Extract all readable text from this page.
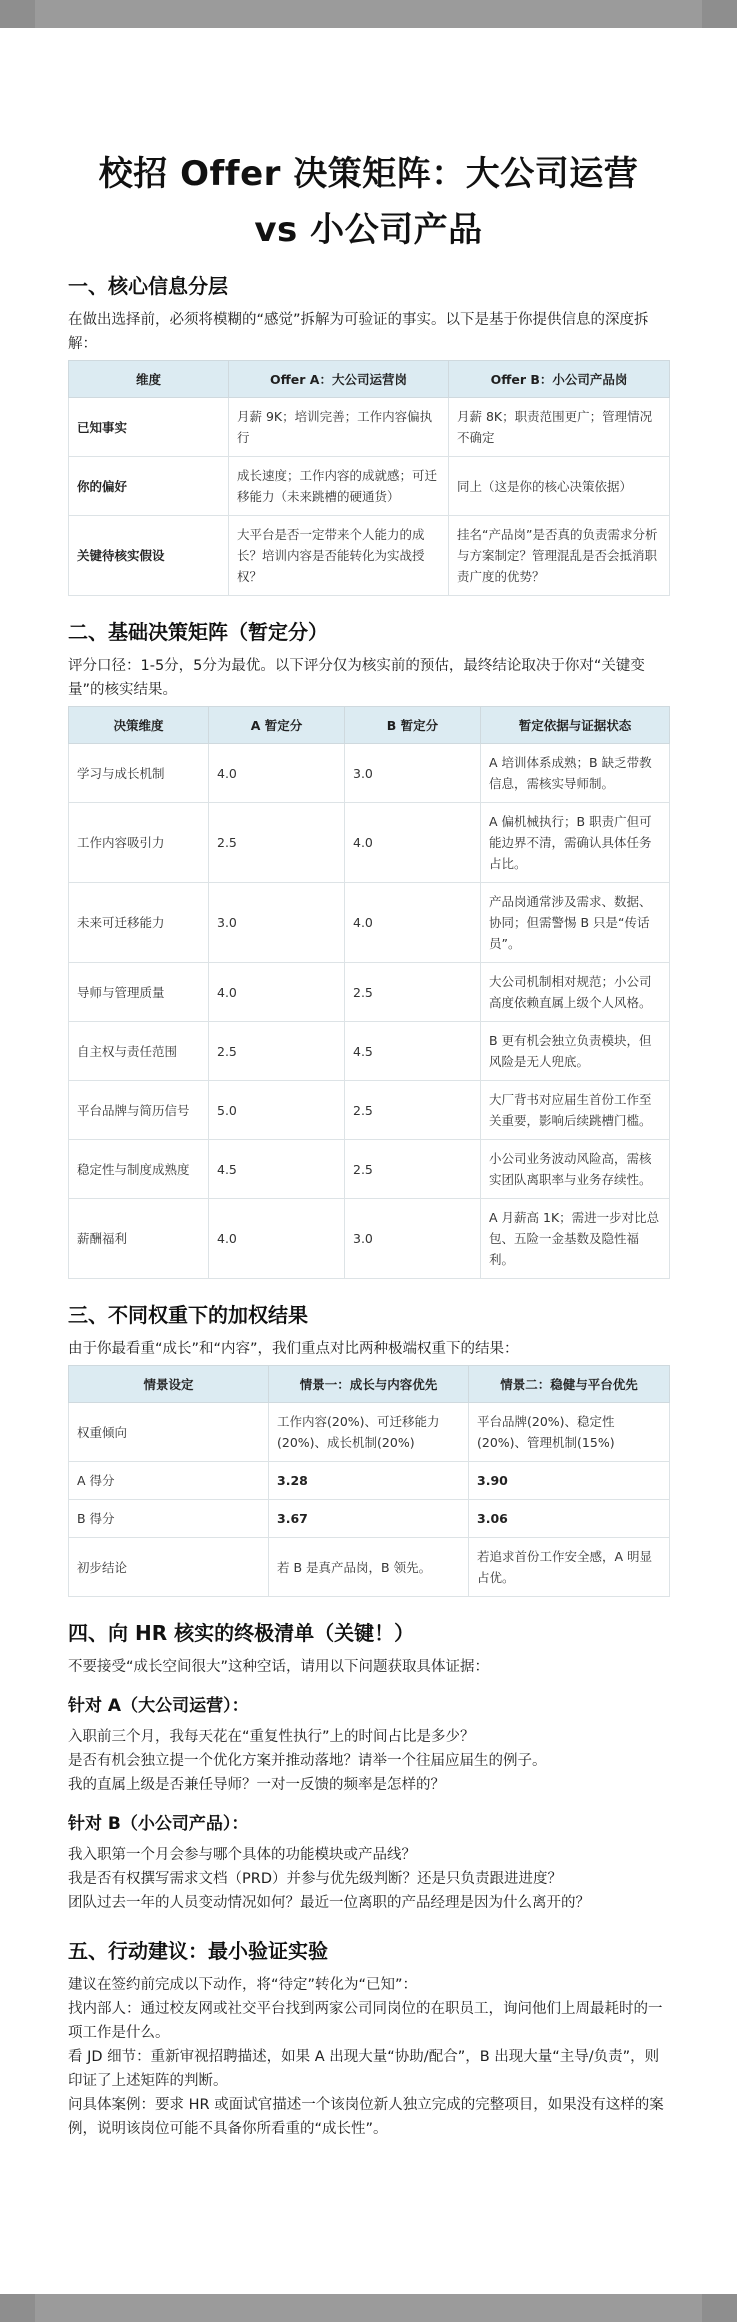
校招 Offer 决策矩阵：大公司运营
vs 小公司产品
一、核心信息分层

在做出选择前，必须将模糊的“感觉”拆解为可验证的事实。以下是基于你提供信息的深度拆解：

维度	Offer A：大公司运营岗	Offer B：小公司产品岗
已知事实	月薪 9K；培训完善；工作内容偏执行	月薪 8K；职责范围更广；管理情况不确定
你的偏好	成长速度；工作内容的成就感；可迁移能力（未来跳槽的硬通货）	同上（这是你的核心决策依据）
关键待核实假设	大平台是否一定带来个人能力的成长？培训内容是否能转化为实战授权？	挂名“产品岗”是否真的负责需求分析与方案制定？管理混乱是否会抵消职责广度的优势？
二、基础决策矩阵（暂定分）

评分口径：1-5分，5分为最优。以下评分仅为核实前的预估，最终结论取决于你对“关键变量”的核实结果。

决策维度	A 暂定分	B 暂定分	暂定依据与证据状态
学习与成长机制	4.0	3.0	A 培训体系成熟；B 缺乏带教信息，需核实导师制。
工作内容吸引力	2.5	4.0	A 偏机械执行；B 职责广但可能边界不清，需确认具体任务占比。
未来可迁移能力	3.0	4.0	产品岗通常涉及需求、数据、协同；但需警惕 B 只是“传话员”。
导师与管理质量	4.0	2.5	大公司机制相对规范；小公司高度依赖直属上级个人风格。
自主权与责任范围	2.5	4.5	B 更有机会独立负责模块，但风险是无人兜底。
平台品牌与简历信号	5.0	2.5	大厂背书对应届生首份工作至关重要，影响后续跳槽门槛。
稳定性与制度成熟度	4.5	2.5	小公司业务波动风险高，需核实团队离职率与业务存续性。
薪酬福利	4.0	3.0	A 月薪高 1K；需进一步对比总包、五险一金基数及隐性福利。
三、不同权重下的加权结果

由于你最看重“成长”和“内容”，我们重点对比两种极端权重下的结果：

情景设定	情景一：成长与内容优先	情景二：稳健与平台优先
权重倾向	工作内容(20%)、可迁移能力(20%)、成长机制(20%)	平台品牌(20%)、稳定性(20%)、管理机制(15%)
A 得分	3.28	3.90
B 得分	3.67	3.06
初步结论	若 B 是真产品岗，B 领先。	若追求首份工作安全感，A 明显占优。
四、向 HR 核实的终极清单（关键！）

不要接受“成长空间很大”这种空话，请用以下问题获取具体证据：

针对 A（大公司运营）：
入职前三个月，我每天花在“重复性执行”上的时间占比是多少？
是否有机会独立提一个优化方案并推动落地？请举一个往届应届生的例子。
我的直属上级是否兼任导师？一对一反馈的频率是怎样的？
针对 B（小公司产品）：
我入职第一个月会参与哪个具体的功能模块或产品线？
我是否有权撰写需求文档（PRD）并参与优先级判断？还是只负责跟进进度？
团队过去一年的人员变动情况如何？最近一位离职的产品经理是因为什么离开的？
五、行动建议：最小验证实验
建议在签约前完成以下动作，将“待定”转化为“已知”：
找内部人：通过校友网或社交平台找到两家公司同岗位的在职员工，询问他们上周最耗时的一项工作是什么。
看 JD 细节：重新审视招聘描述，如果 A 出现大量“协助/配合”，B 出现大量“主导/负责”，则印证了上述矩阵的判断。
问具体案例：要求 HR 或面试官描述一个该岗位新人独立完成的完整项目，如果没有这样的案例，说明该岗位可能不具备你所看重的“成长性”。
